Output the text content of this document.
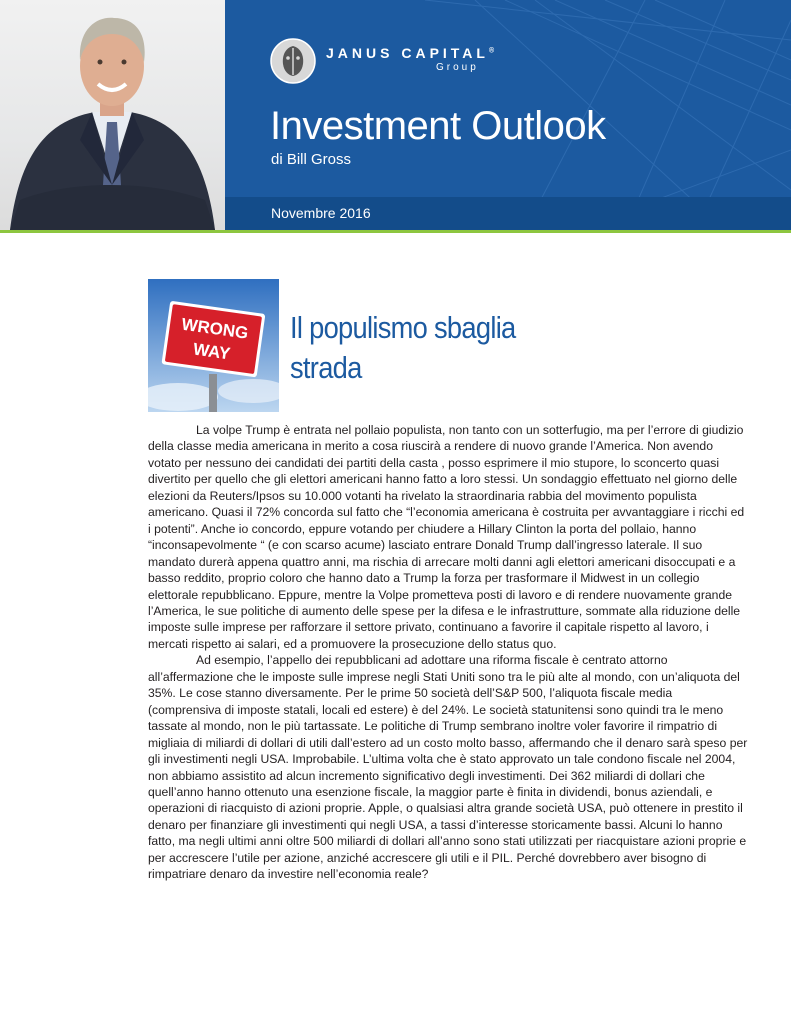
JANUS CAPITAL®
Group
Investment Outlook
di Bill Gross
Novembre 2016
WRONG
WAY
Il populismo sbaglia
strada

La volpe Trump è entrata nel pollaio populista, non tanto con un sotterfugio, ma per l’errore di giudizio della classe media americana in merito a cosa riuscirà a rendere di nuovo grande l’America. Non avendo votato per nessuno dei candidati dei partiti della casta , posso esprimere il mio stupore, lo sconcerto quasi divertito per quello che gli elettori americani hanno fatto a loro stessi. Un sondaggio effettuato nel giorno delle elezioni da Reuters/Ipsos su 10.000 votanti ha rivelato la straordinaria rabbia del movimento populista americano. Quasi il 72% concorda sul fatto che “l’economia americana è costruita per avvantaggiare i ricchi ed i potenti”. Anche io concordo, eppure votando per chiudere a Hillary Clinton la porta del pollaio, hanno “inconsapevolmente “ (e con scarso acume) lasciato entrare Donald Trump dall’ingresso laterale. Il suo mandato durerà appena quattro anni, ma rischia di arrecare molti danni agli elettori americani disoccupati e a basso reddito, proprio coloro che hanno dato a Trump la forza per trasformare il Midwest in un collegio elettorale repubblicano. Eppure, mentre la Volpe prometteva posti di lavoro e di rendere nuovamente grande l’America, le sue politiche di aumento delle spese per la difesa e le infrastrutture, sommate alla riduzione delle imposte sulle imprese per rafforzare il settore privato, continuano a favorire il capitale rispetto al lavoro, i mercati rispetto ai salari, ed a promuovere la prosecuzione dello status quo.

Ad esempio, l’appello dei repubblicani ad adottare una riforma fiscale è centrato attorno all’affermazione che le imposte sulle imprese negli Stati Uniti sono tra le più alte al mondo, con un’aliquota del 35%. Le cose stanno diversamente. Per le prime 50 società dell’S&P 500, l’aliquota fiscale media (comprensiva di imposte statali, locali ed estere) è del 24%. Le società statunitensi sono quindi tra le meno tassate al mondo, non le più tartassate. Le politiche di Trump sembrano inoltre voler favorire il rimpatrio di migliaia di miliardi di dollari di utili dall’estero ad un costo molto basso, affermando che il denaro sarà speso per gli investimenti negli USA. Improbabile. L’ultima volta che è stato approvato un tale condono fiscale nel 2004, non abbiamo assistito ad alcun incremento significativo degli investimenti. Dei 362 miliardi di dollari che quell’anno hanno ottenuto una esenzione fiscale, la maggior parte è finita in dividendi, bonus aziendali, e operazioni di riacquisto di azioni proprie. Apple, o qualsiasi altra grande società USA, può ottenere in prestito il denaro per finanziare gli investimenti qui negli USA, a tassi d’interesse storicamente bassi. Alcuni lo hanno fatto, ma negli ultimi anni oltre 500 miliardi di dollari all’anno sono stati utilizzati per riacquistare azioni proprie e per accrescere l’utile per azione, anziché accrescere gli utili e il PIL. Perché dovrebbero aver bisogno di rimpatriare denaro da investire nell’economia reale?
